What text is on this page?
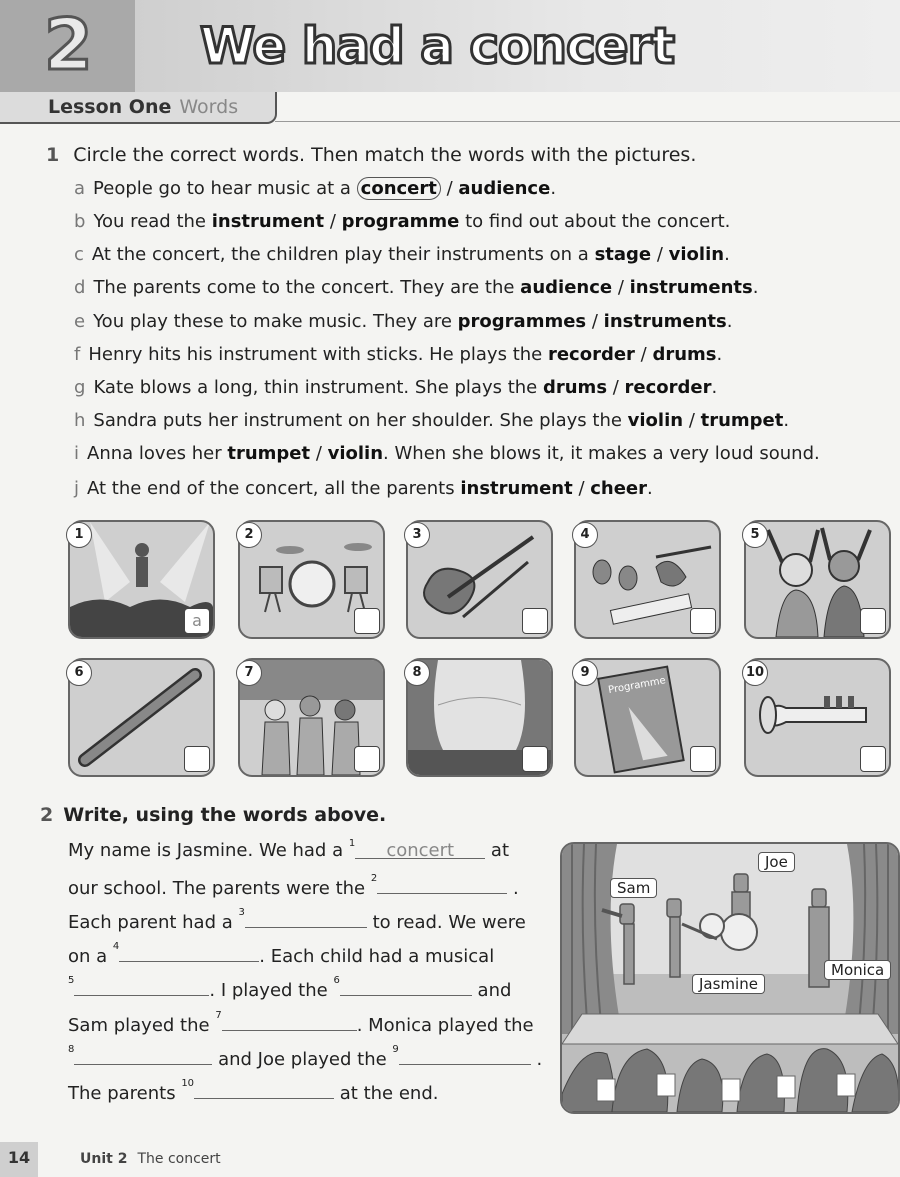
2 We had a concert
Lesson One Words
1 Circle the correct words. Then match the words with the pictures.
a People go to hear music at a concert / audience.
b You read the instrument / programme to find out about the concert.
c At the concert, the children play their instruments on a stage / violin.
d The parents come to the concert. They are the audience / instruments.
e You play these to make music. They are programmes / instruments.
f Henry hits his instrument with sticks. He plays the recorder / drums.
g Kate blows a long, thin instrument. She plays the drums / recorder.
h Sandra puts her instrument on her shoulder. She plays the violin / trumpet.
i Anna loves her trumpet / violin. When she blows it, it makes a very loud sound.
j At the end of the concert, all the parents instrument / cheer.
1
a
2	3	4	5
6	7	8
Programme
9	10
2 Write, using the words above.
My name is Jasmine. We had a $^1$ concert at
our school. The parents were the $^2$	.
Each parent had a $^3$	to read. We were
on a $^4$	. Each child had a musical
$^5$	. I played the $^6$	and
Sam played the $^7$	. Monica played the
$^8$	and Joe played the $^9$	.
The parents $^{10}$	at the end.
Joe
Sam
Jasmine
Monica
14	Unit 2 The concert
